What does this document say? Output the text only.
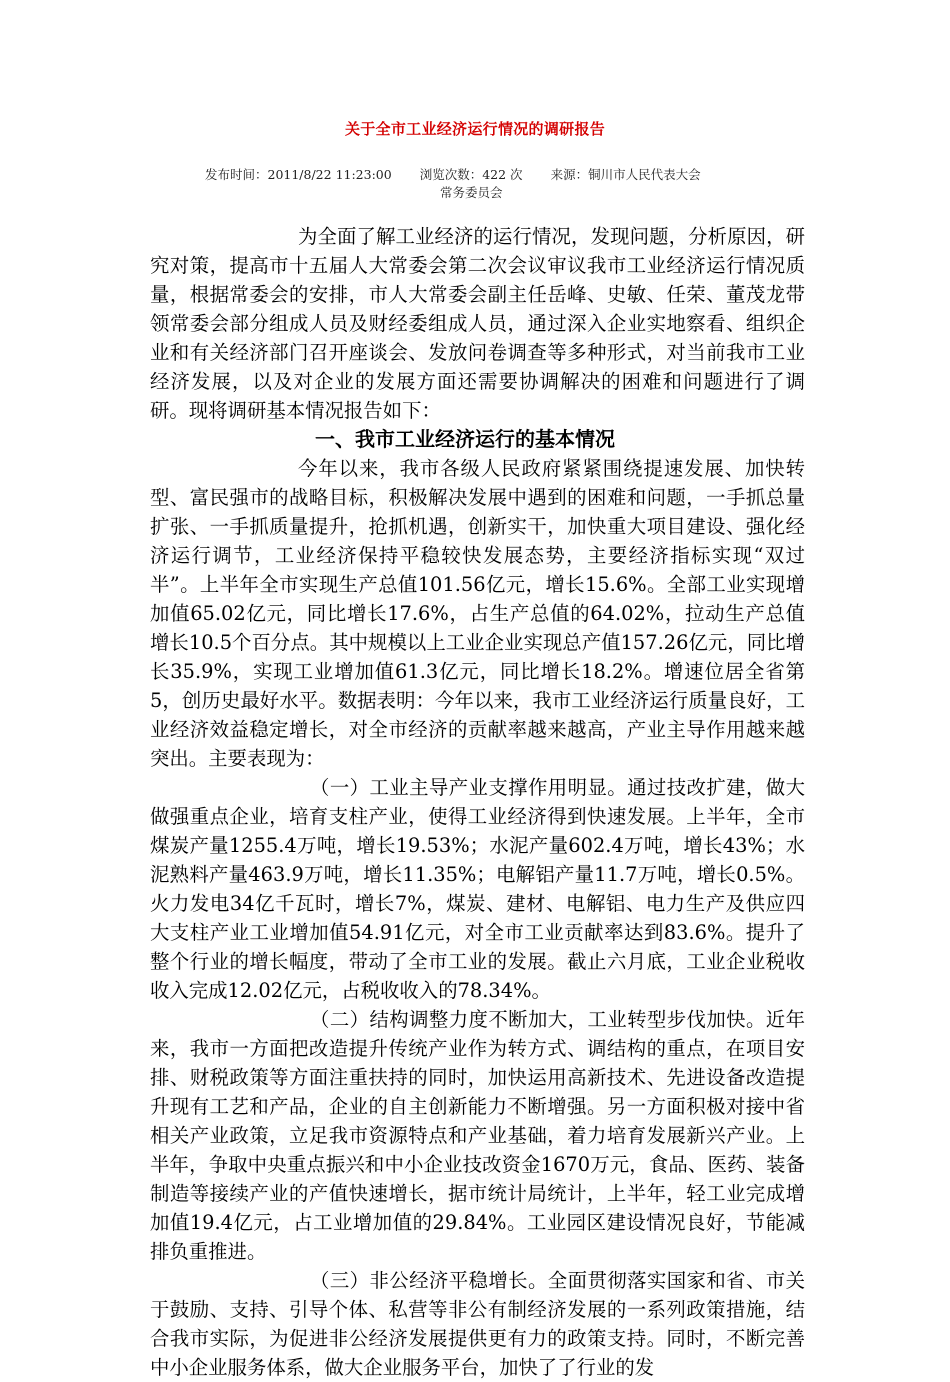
关于全市工业经济运行情况的调研报告
发布时间：2011/8/22 11:23:00 浏览次数：422 次 来源：铜川市人民代表大会
常务委员会

为全面了解工业经济的运行情况，发现问题，分析原因，研究对策，提高市十五届人大常委会第二次会议审议我市工业经济运行情况质量，根据常委会的安排，市人大常委会副主任岳峰、史敏、任荣、董茂龙带领常委会部分组成人员及财经委组成人员，通过深入企业实地察看、组织企业和有关经济部门召开座谈会、发放问卷调查等多种形式，对当前我市工业经济发展，以及对企业的发展方面还需要协调解决的困难和问题进行了调研。现将调研基本情况报告如下：

一、我市工业经济运行的基本情况

今年以来，我市各级人民政府紧紧围绕提速发展、加快转型、富民强市的战略目标，积极解决发展中遇到的困难和问题，一手抓总量扩张、一手抓质量提升，抢抓机遇，创新实干，加快重大项目建设、强化经济运行调节，工业经济保持平稳较快发展态势，主要经济指标实现“双过半”。上半年全市实现生产总值101.56亿元，增长15.6%。全部工业实现增加值65.02亿元，同比增长17.6%，占生产总值的64.02%，拉动生产总值增长10.5个百分点。其中规模以上工业企业实现总产值157.26亿元，同比增长35.9%，实现工业增加值61.3亿元，同比增长18.2%。增速位居全省第5，创历史最好水平。数据表明：今年以来，我市工业经济运行质量良好，工业经济效益稳定增长，对全市经济的贡献率越来越高，产业主导作用越来越突出。主要表现为：

（一）工业主导产业支撑作用明显。通过技改扩建，做大做强重点企业，培育支柱产业，使得工业经济得到快速发展。上半年，全市煤炭产量1255.4万吨，增长19.53%；水泥产量602.4万吨，增长43%；水泥熟料产量463.9万吨，增长11.35%；电解铝产量11.7万吨，增长0.5%。火力发电34亿千瓦时，增长7%，煤炭、建材、电解铝、电力生产及供应四大支柱产业工业增加值54.91亿元，对全市工业贡献率达到83.6%。提升了整个行业的增长幅度，带动了全市工业的发展。截止六月底，工业企业税收收入完成12.02亿元，占税收收入的78.34%。

（二）结构调整力度不断加大，工业转型步伐加快。近年来，我市一方面把改造提升传统产业作为转方式、调结构的重点，在项目安排、财税政策等方面注重扶持的同时，加快运用高新技术、先进设备改造提升现有工艺和产品，企业的自主创新能力不断增强。另一方面积极对接中省相关产业政策，立足我市资源特点和产业基础，着力培育发展新兴产业。上半年，争取中央重点振兴和中小企业技改资金1670万元，食品、医药、装备制造等接续产业的产值快速增长，据市统计局统计，上半年，轻工业完成增加值19.4亿元，占工业增加值的29.84%。工业园区建设情况良好，节能减排负重推进。

（三）非公经济平稳增长。全面贯彻落实国家和省、市关于鼓励、支持、引导个体、私营等非公有制经济发展的一系列政策措施，结合我市实际，为促进非公经济发展提供更有力的政策支持。同时，不断完善中小企业服务体系，做大企业服务平台，加快了了行业的发
